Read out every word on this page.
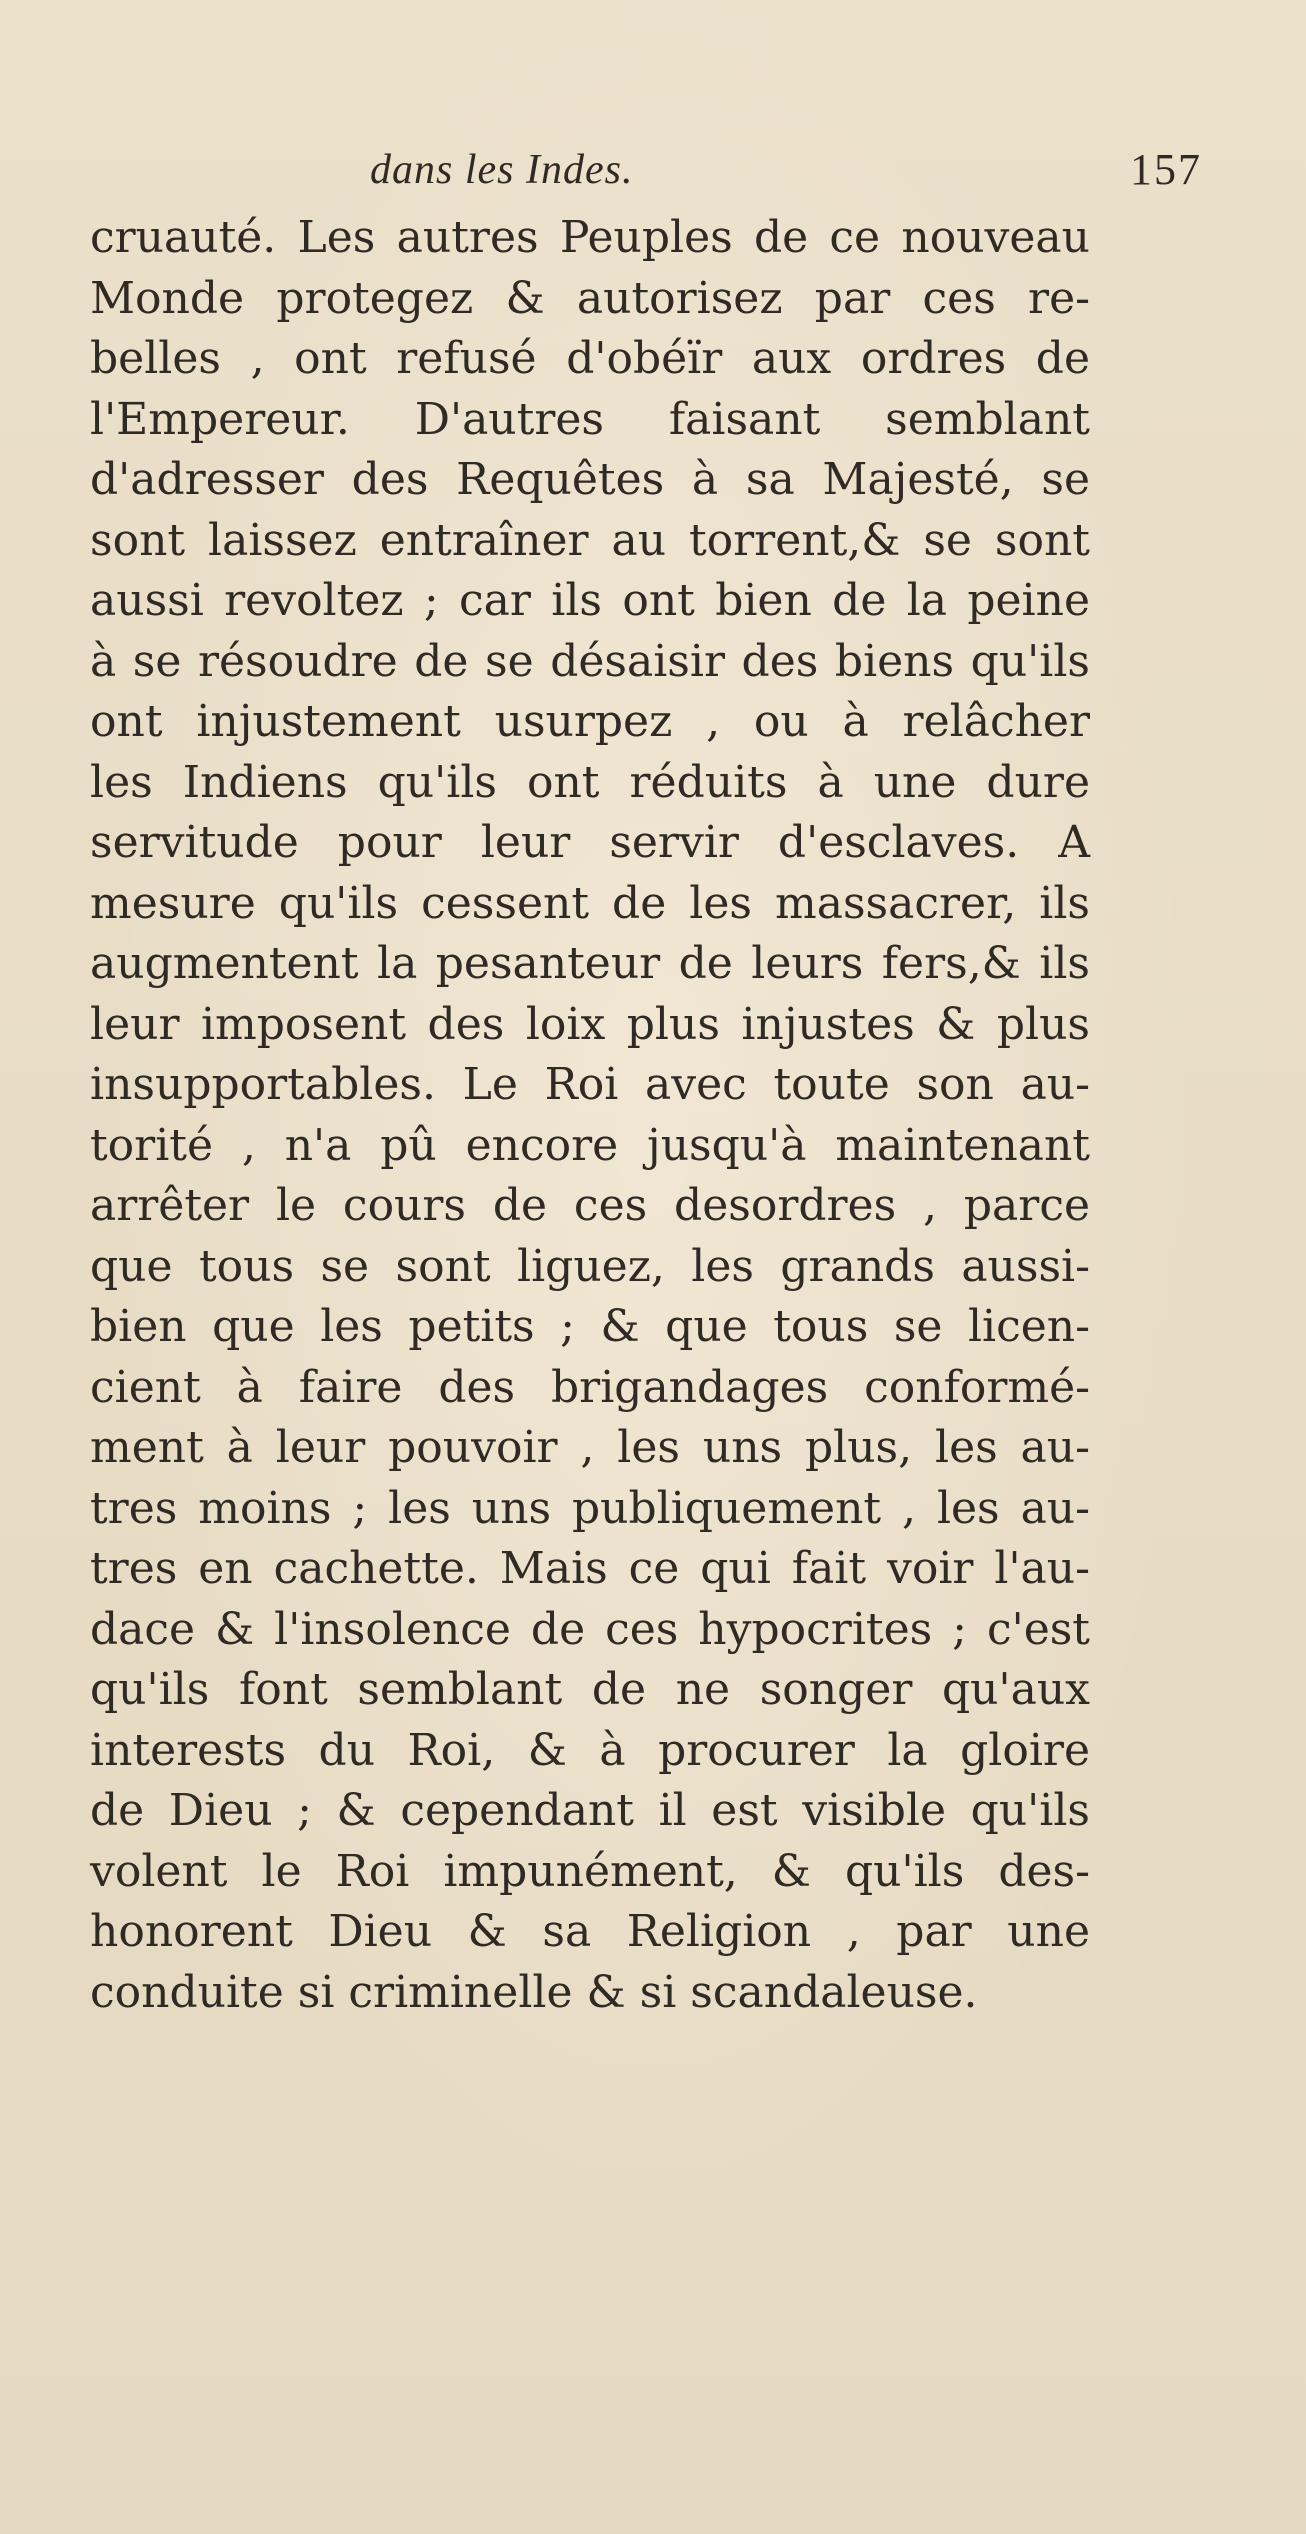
dans les Indes.	157
cruauté. Les autres Peuples de ce nouveau
Monde protegez & autorisez par ces re-
belles , ont refusé d'obéïr aux ordres de
l'Empereur. D'autres faisant semblant
d'adresser des Requêtes à sa Majesté, se
sont laissez entraîner au torrent,& se sont
aussi revoltez ; car ils ont bien de la peine
à se résoudre de se désaisir des biens qu'ils
ont injustement usurpez , ou à relâcher
les Indiens qu'ils ont réduits à une dure
servitude pour leur servir d'esclaves. A
mesure qu'ils cessent de les massacrer, ils
augmentent la pesanteur de leurs fers,& ils
leur imposent des loix plus injustes & plus
insupportables. Le Roi avec toute son au-
torité , n'a pû encore jusqu'à maintenant
arrêter le cours de ces desordres , parce
que tous se sont liguez, les grands aussi-
bien que les petits ; & que tous se licen-
cient à faire des brigandages conformé-
ment à leur pouvoir , les uns plus, les au-
tres moins ; les uns publiquement , les au-
tres en cachette. Mais ce qui fait voir l'au-
dace & l'insolence de ces hypocrites ; c'est
qu'ils font semblant de ne songer qu'aux
interests du Roi, & à procurer la gloire
de Dieu ; & cependant il est visible qu'ils
volent le Roi impunément, & qu'ils des-
honorent Dieu & sa Religion , par une
conduite si criminelle & si scandaleuse.
